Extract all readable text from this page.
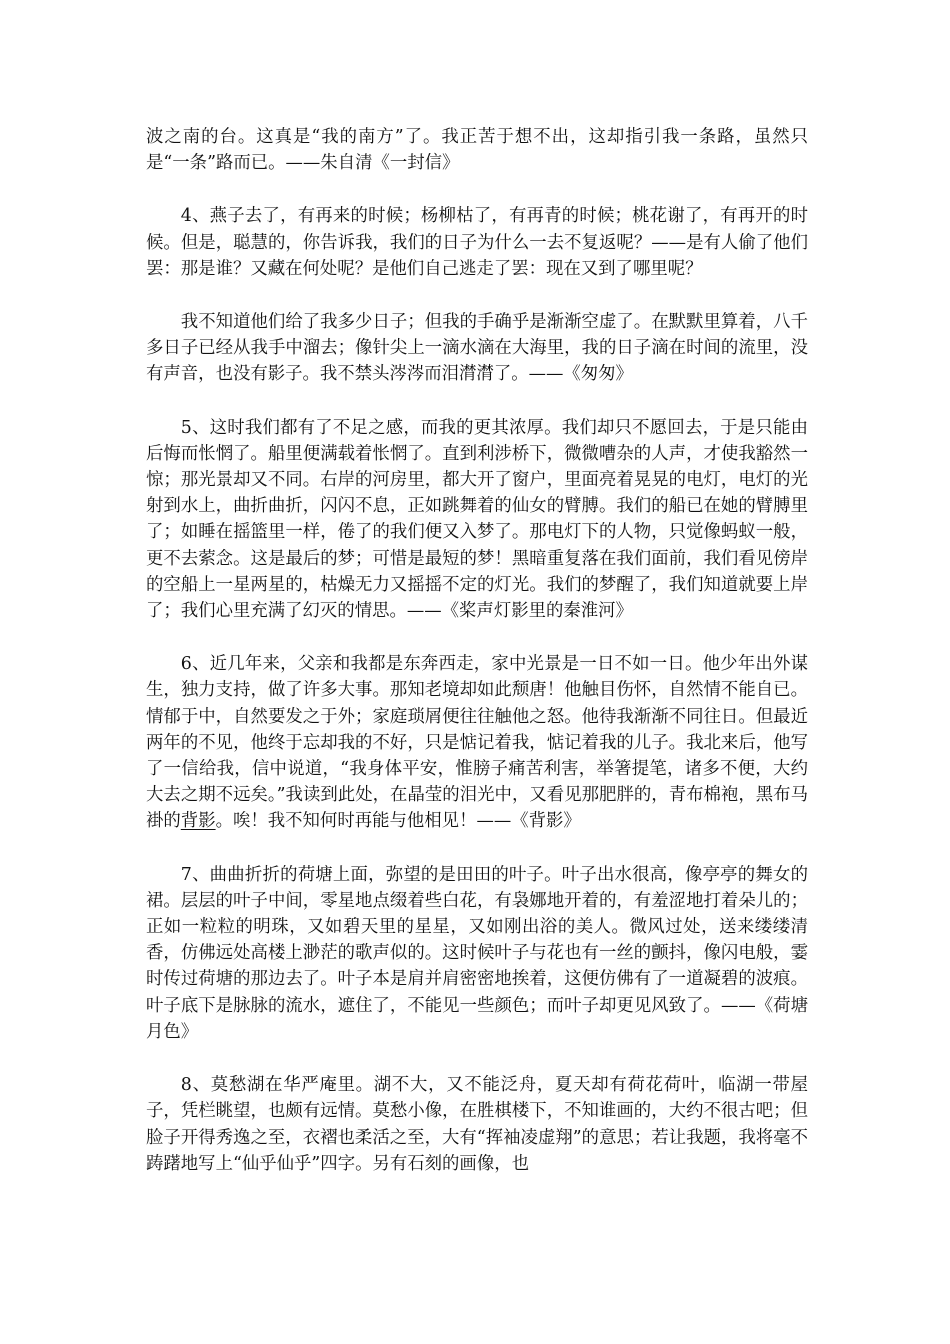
波之南的台。这真是“我的南方”了。我正苦于想不出，这却指引我一条路，虽然只是“一条”路而已。——朱自清《一封信》

4、燕子去了，有再来的时候；杨柳枯了，有再青的时候；桃花谢了，有再开的时候。但是，聪慧的，你告诉我，我们的日子为什么一去不复返呢？——是有人偷了他们罢：那是谁？又藏在何处呢？是他们自己逃走了罢：现在又到了哪里呢？

我不知道他们给了我多少日子；但我的手确乎是渐渐空虚了。在默默里算着，八千多日子已经从我手中溜去；像针尖上一滴水滴在大海里，我的日子滴在时间的流里，没有声音，也没有影子。我不禁头涔涔而泪潸潸了。——《匆匆》

5、这时我们都有了不足之感，而我的更其浓厚。我们却只不愿回去，于是只能由后悔而怅惘了。船里便满载着怅惘了。直到利涉桥下，微微嘈杂的人声，才使我豁然一惊；那光景却又不同。右岸的河房里，都大开了窗户，里面亮着晃晃的电灯，电灯的光射到水上，曲折曲折，闪闪不息，正如跳舞着的仙女的臂膊。我们的船已在她的臂膊里了；如睡在摇篮里一样，倦了的我们便又入梦了。那电灯下的人物，只觉像蚂蚁一般，更不去萦念。这是最后的梦；可惜是最短的梦！黑暗重复落在我们面前，我们看见傍岸的空船上一星两星的，枯燥无力又摇摇不定的灯光。我们的梦醒了，我们知道就要上岸了；我们心里充满了幻灭的情思。——《桨声灯影里的秦淮河》

6、近几年来，父亲和我都是东奔西走，家中光景是一日不如一日。他少年出外谋生，独力支持，做了许多大事。那知老境却如此颓唐！他触目伤怀，自然情不能自已。情郁于中，自然要发之于外；家庭琐屑便往往触他之怒。他待我渐渐不同往日。但最近两年的不见，他终于忘却我的不好，只是惦记着我，惦记着我的儿子。我北来后，他写了一信给我，信中说道，“我身体平安，惟膀子痛苦利害，举箸提笔，诸多不便，大约大去之期不远矣。”我读到此处，在晶莹的泪光中，又看见那肥胖的，青布棉袍，黑布马褂的背影。唉！我不知何时再能与他相见！——《背影》

7、曲曲折折的荷塘上面，弥望的是田田的叶子。叶子出水很高，像亭亭的舞女的裙。层层的叶子中间，零星地点缀着些白花，有袅娜地开着的，有羞涩地打着朵儿的；正如一粒粒的明珠，又如碧天里的星星，又如刚出浴的美人。微风过处，送来缕缕清香，仿佛远处高楼上渺茫的歌声似的。这时候叶子与花也有一丝的颤抖，像闪电般，霎时传过荷塘的那边去了。叶子本是肩并肩密密地挨着，这便仿佛有了一道凝碧的波痕。叶子底下是脉脉的流水，遮住了，不能见一些颜色；而叶子却更见风致了。——《荷塘月色》

8、莫愁湖在华严庵里。湖不大，又不能泛舟，夏天却有荷花荷叶，临湖一带屋子，凭栏眺望，也颇有远情。莫愁小像，在胜棋楼下，不知谁画的，大约不很古吧；但脸子开得秀逸之至，衣褶也柔活之至，大有“挥袖凌虚翔”的意思；若让我题，我将毫不踌躇地写上“仙乎仙乎”四字。另有石刻的画像，也
